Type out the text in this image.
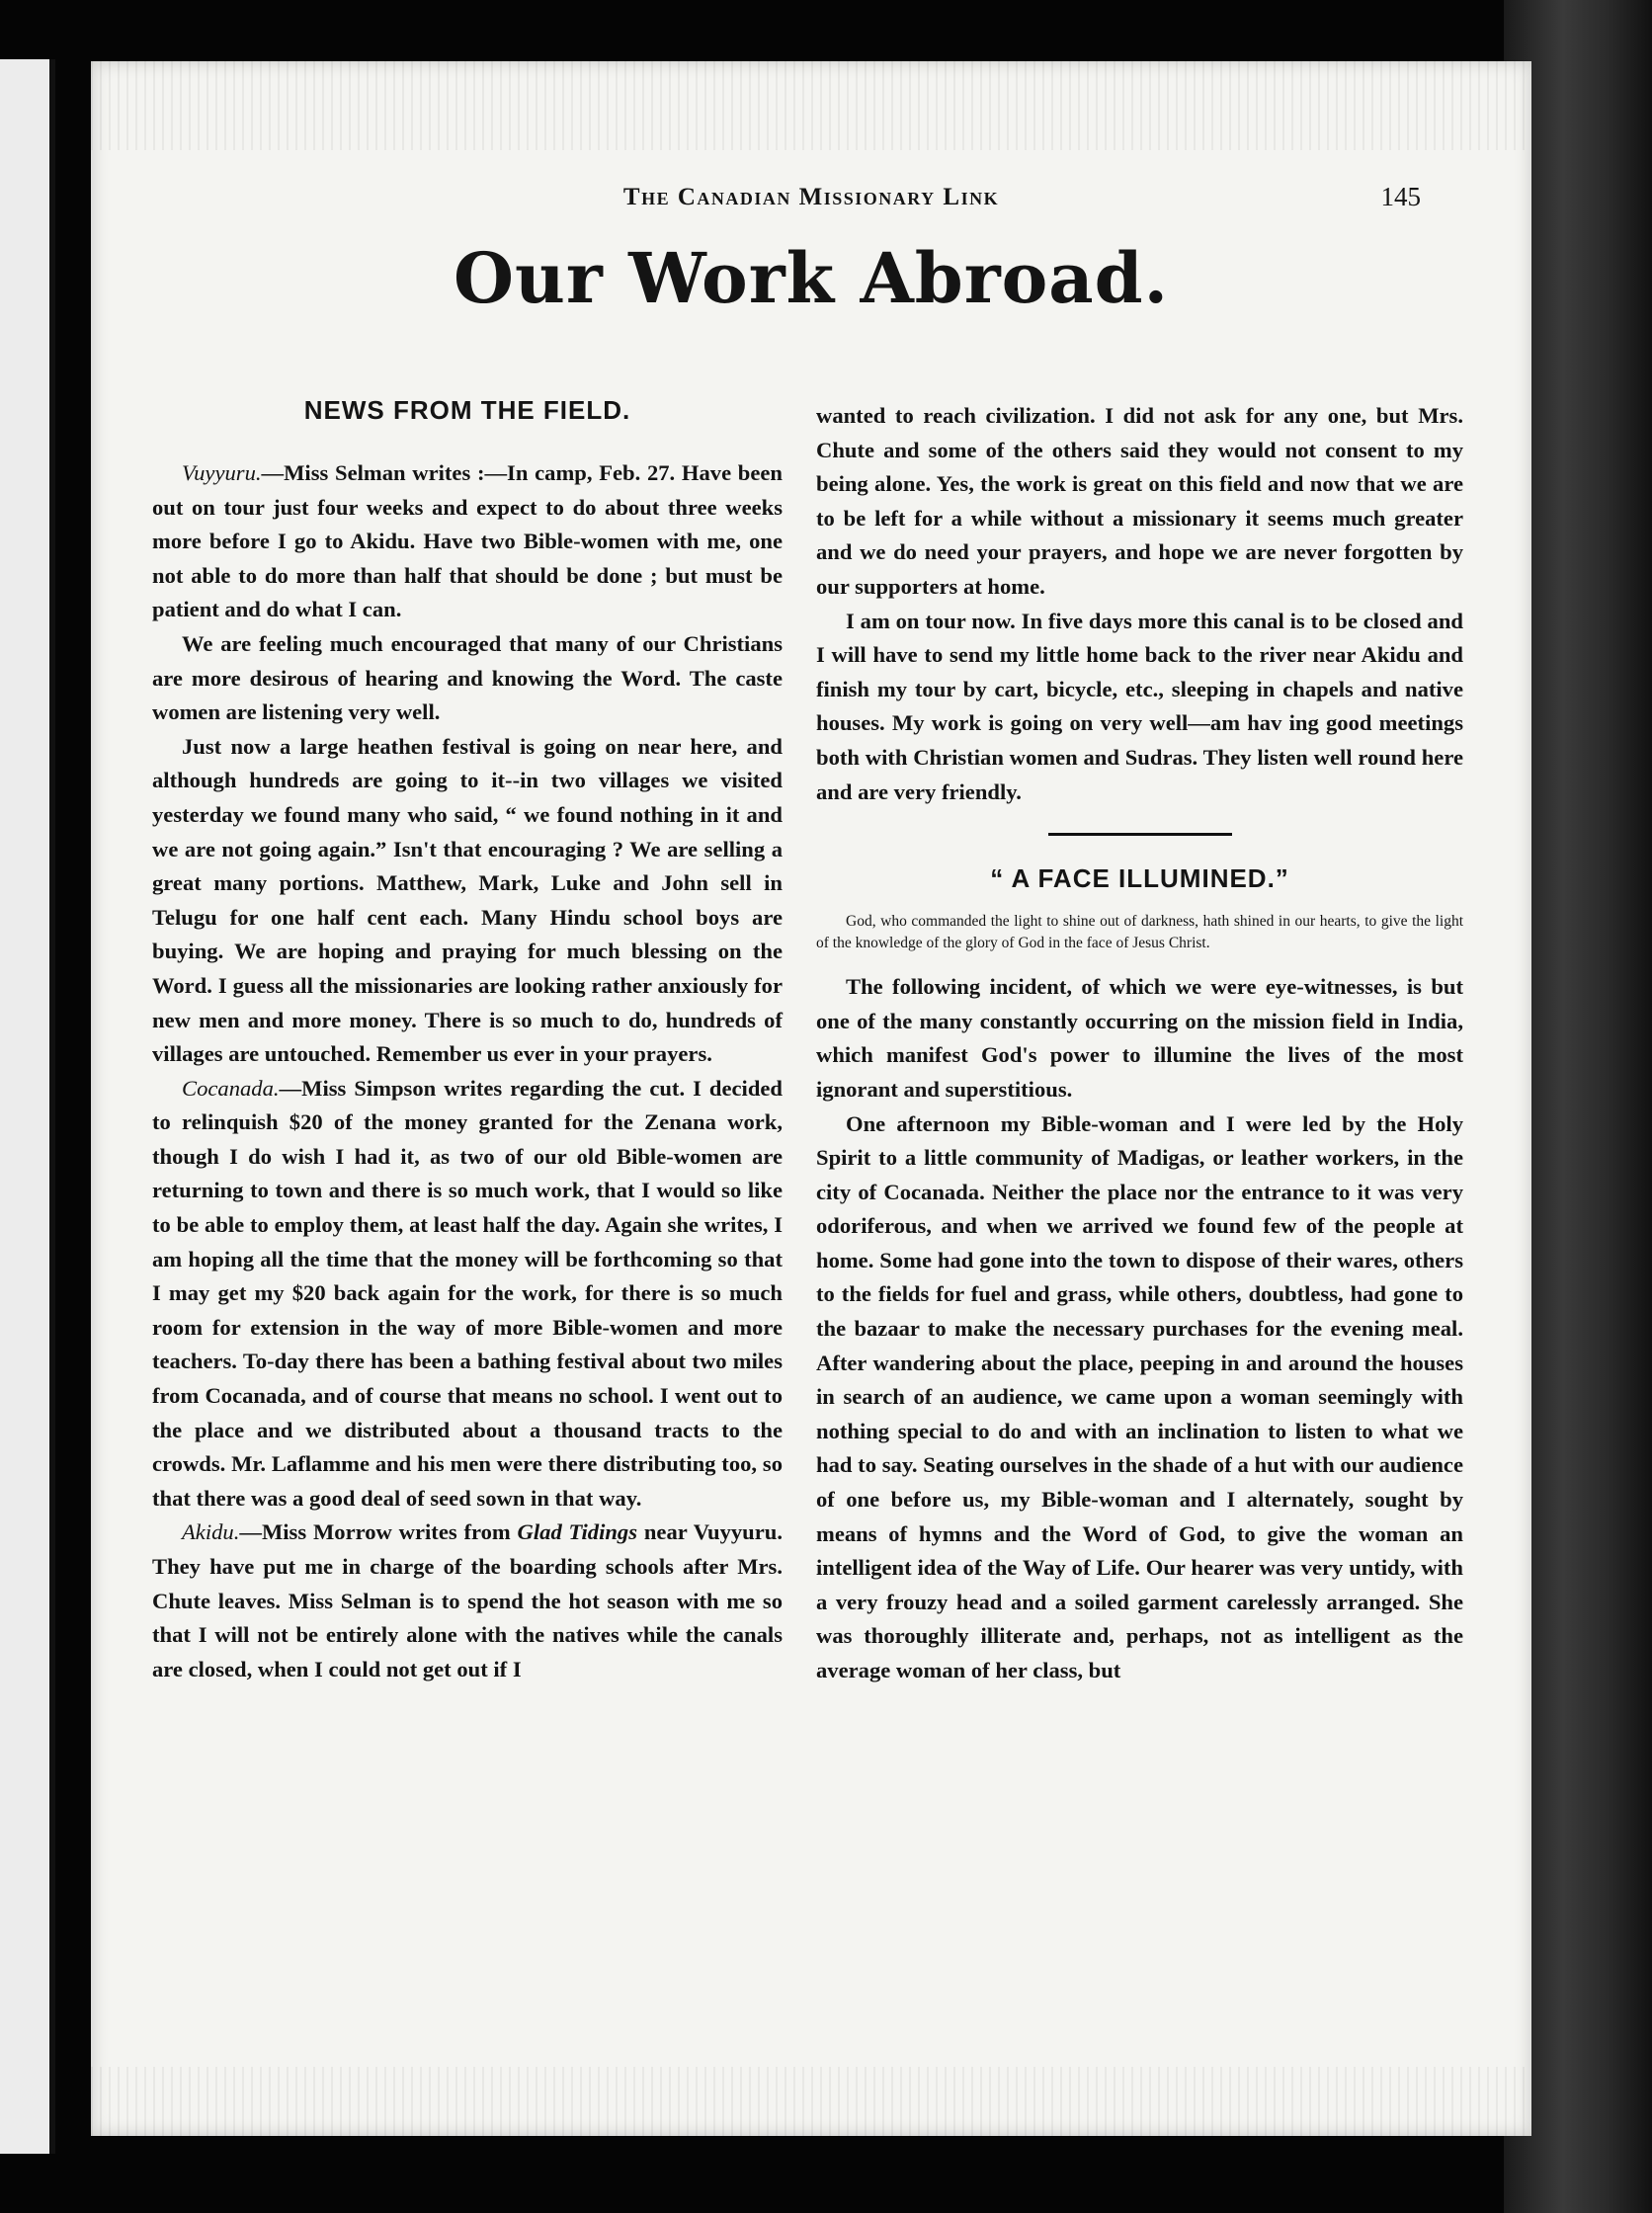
The Canadian Missionary Link	145
Our Work Abroad.
NEWS FROM THE FIELD.

Vuyyuru.—Miss Selman writes :—In camp, Feb. 27. Have been out on tour just four weeks and expect to do about three weeks more before I go to Akidu. Have two Bible-women with me, one not able to do more than half that should be done ; but must be patient and do what I can.

We are feeling much encouraged that many of our Christians are more desirous of hearing and knowing the Word. The caste women are listening very well.

Just now a large heathen festival is going on near here, and although hundreds are going to it--in two villages we visited yesterday we found many who said, “ we found nothing in it and we are not going again.” Isn't that encouraging ? We are selling a great many portions. Matthew, Mark, Luke and John sell in Telugu for one half cent each. Many Hindu school boys are buying. We are hoping and praying for much blessing on the Word. I guess all the missionaries are looking rather anxiously for new men and more money. There is so much to do, hundreds of villages are untouched. Remember us ever in your prayers.

Cocanada.—Miss Simpson writes regarding the cut. I decided to relinquish $20 of the money granted for the Zenana work, though I do wish I had it, as two of our old Bible-women are returning to town and there is so much work, that I would so like to be able to employ them, at least half the day. Again she writes, I am hoping all the time that the money will be forthcoming so that I may get my $20 back again for the work, for there is so much room for extension in the way of more Bible-women and more teachers. To-day there has been a bathing festival about two miles from Cocanada, and of course that means no school. I went out to the place and we distributed about a thousand tracts to the crowds. Mr. Laflamme and his men were there distributing too, so that there was a good deal of seed sown in that way.

Akidu.—Miss Morrow writes from Glad Tidings near Vuyyuru. They have put me in charge of the boarding schools after Mrs. Chute leaves. Miss Selman is to spend the hot season with me so that I will not be entirely alone with the natives while the canals are closed, when I could not get out if I

wanted to reach civilization. I did not ask for any one, but Mrs. Chute and some of the others said they would not consent to my being alone. Yes, the work is great on this field and now that we are to be left for a while without a missionary it seems much greater and we do need your prayers, and hope we are never forgotten by our supporters at home.

I am on tour now. In five days more this canal is to be closed and I will have to send my little home back to the river near Akidu and finish my tour by cart, bicycle, etc., sleeping in chapels and native houses. My work is going on very well—am hav ing good meetings both with Christian women and Sudras. They listen well round here and are very friendly.

“ A FACE ILLUMINED.”

God, who commanded the light to shine out of darkness, hath shined in our hearts, to give the light of the knowledge of the glory of God in the face of Jesus Christ.

The following incident, of which we were eye-witnesses, is but one of the many constantly occurring on the mission field in India, which manifest God's power to illumine the lives of the most ignorant and superstitious.

One afternoon my Bible-woman and I were led by the Holy Spirit to a little community of Madigas, or leather workers, in the city of Cocanada. Neither the place nor the entrance to it was very odoriferous, and when we arrived we found few of the people at home. Some had gone into the town to dispose of their wares, others to the fields for fuel and grass, while others, doubtless, had gone to the bazaar to make the necessary purchases for the evening meal. After wandering about the place, peeping in and around the houses in search of an audience, we came upon a woman seemingly with nothing special to do and with an inclination to listen to what we had to say. Seating ourselves in the shade of a hut with our audience of one before us, my Bible-woman and I alternately, sought by means of hymns and the Word of God, to give the woman an intelligent idea of the Way of Life. Our hearer was very untidy, with a very frouzy head and a soiled garment carelessly arranged. She was thoroughly illiterate and, perhaps, not as intelligent as the average woman of her class, but
